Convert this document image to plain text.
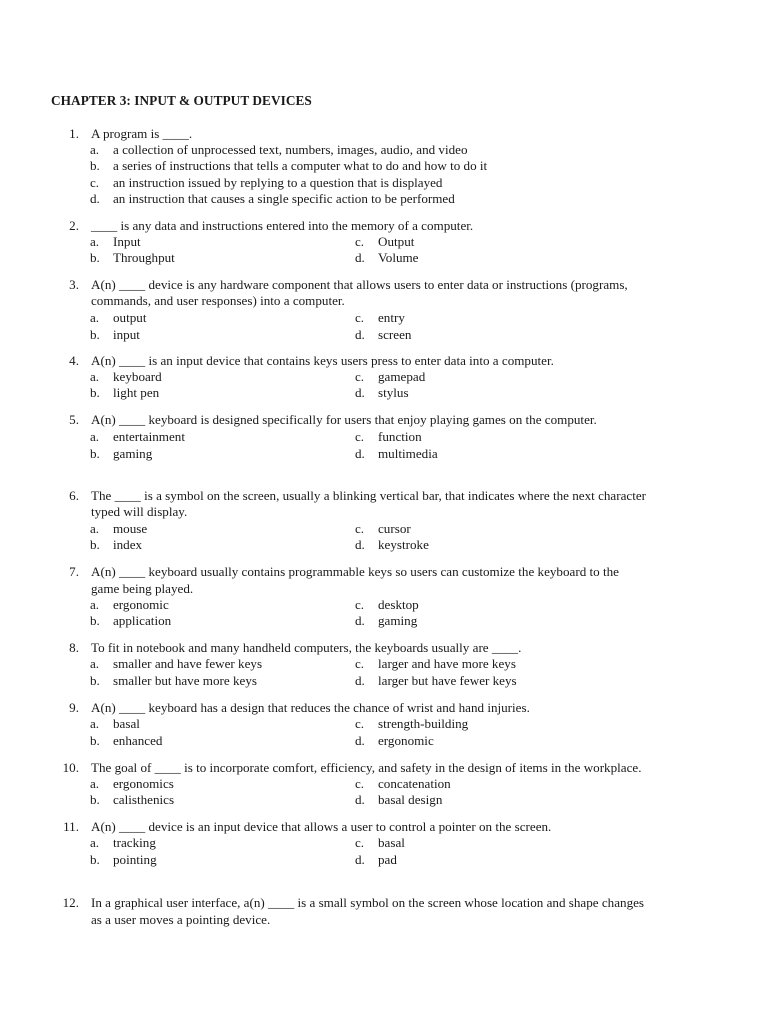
CHAPTER 3: INPUT & OUTPUT DEVICES
1. A program is ____.
a. a collection of unprocessed text, numbers, images, audio, and video
b. a series of instructions that tells a computer what to do and how to do it
c. an instruction issued by replying to a question that is displayed
d. an instruction that causes a single specific action to be performed
2. ____ is any data and instructions entered into the memory of a computer.
a. Input
b. Throughput
c. Output
d. Volume
3. A(n) ____ device is any hardware component that allows users to enter data or instructions (programs,
commands, and user responses) into a computer.
a. output
b. input
c. entry
d. screen
4. A(n) ____ is an input device that contains keys users press to enter data into a computer.
a. keyboard
b. light pen
c. gamepad
d. stylus
5. A(n) ____ keyboard is designed specifically for users that enjoy playing games on the computer.
a. entertainment
b. gaming
c. function
d. multimedia
6. The ____ is a symbol on the screen, usually a blinking vertical bar, that indicates where the next character
typed will display.
a. mouse
b. index
c. cursor
d. keystroke
7. A(n) ____ keyboard usually contains programmable keys so users can customize the keyboard to the
game being played.
a. ergonomic
b. application
c. desktop
d. gaming
8. To fit in notebook and many handheld computers, the keyboards usually are ____.
a. smaller and have fewer keys
b. smaller but have more keys
c. larger and have more keys
d. larger but have fewer keys
9. A(n) ____ keyboard has a design that reduces the chance of wrist and hand injuries.
a. basal
b. enhanced
c. strength-building
d. ergonomic
10. The goal of ____ is to incorporate comfort, efficiency, and safety in the design of items in the workplace.
a. ergonomics
b. calisthenics
c. concatenation
d. basal design
11. A(n) ____ device is an input device that allows a user to control a pointer on the screen.
a. tracking
b. pointing
c. basal
d. pad
12. In a graphical user interface, a(n) ____ is a small symbol on the screen whose location and shape changes
as a user moves a pointing device.
